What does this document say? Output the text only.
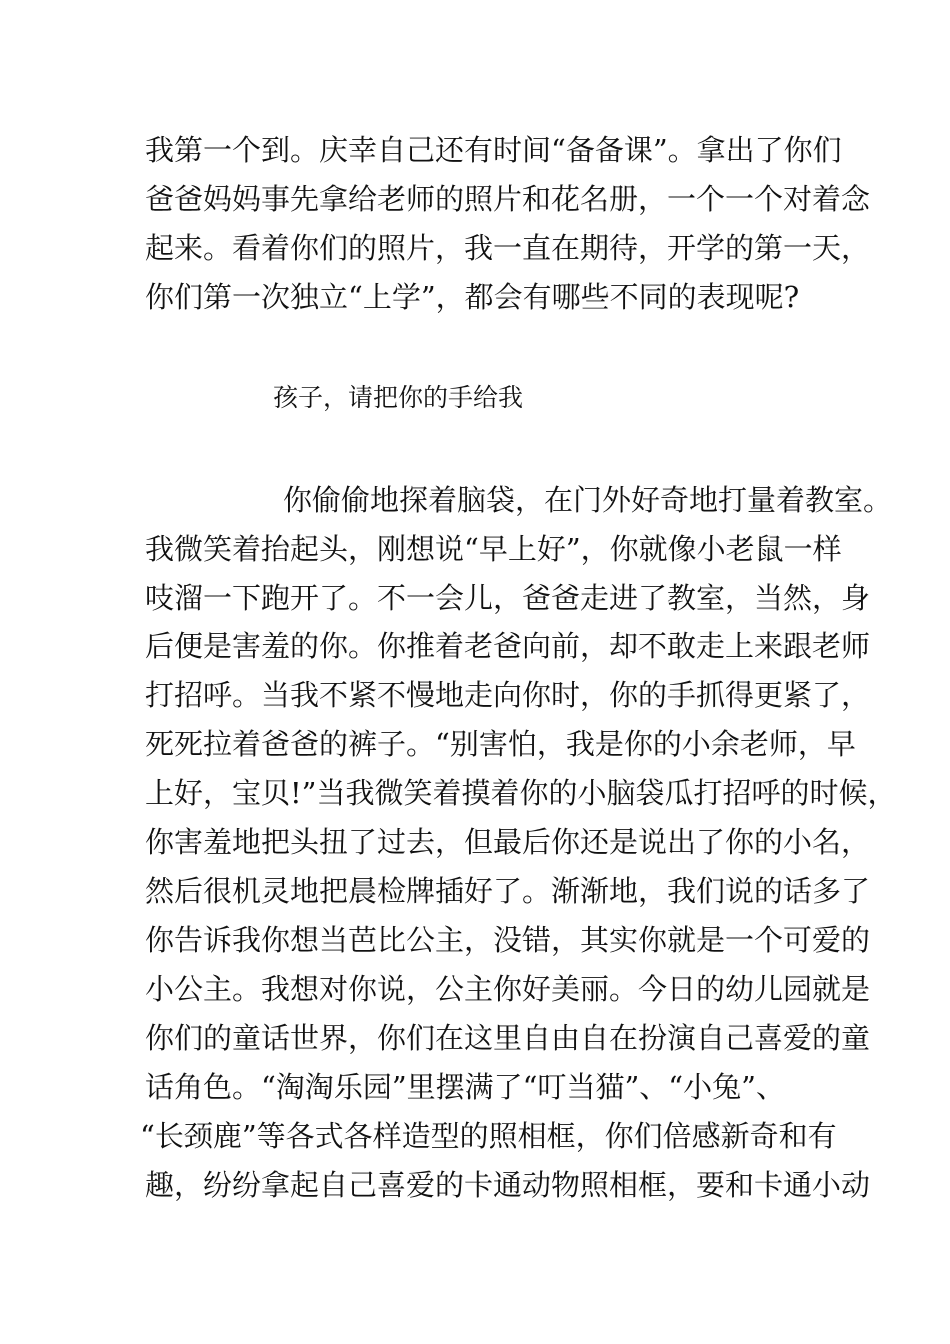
我第一个到。庆幸自己还有时间“备备课”。拿出了你们
爸爸妈妈事先拿给老师的照片和花名册，一个一个对着念
起来。看着你们的照片，我一直在期待，开学的第一天，
你们第一次独立“上学”，都会有哪些不同的表现呢?
孩子，请把你的手给我
你偷偷地探着脑袋，在门外好奇地打量着教室。
我微笑着抬起头，刚想说“早上好”，你就像小老鼠一样
吱溜一下跑开了。不一会儿，爸爸走进了教室，当然，身
后便是害羞的你。你推着老爸向前，却不敢走上来跟老师
打招呼。当我不紧不慢地走向你时，你的手抓得更紧了，
死死拉着爸爸的裤子。“别害怕，我是你的小余老师，早
上好，宝贝!”当我微笑着摸着你的小脑袋瓜打招呼的时候，
你害羞地把头扭了过去，但最后你还是说出了你的小名，
然后很机灵地把晨检牌插好了。渐渐地，我们说的话多了
你告诉我你想当芭比公主，没错，其实你就是一个可爱的
小公主。我想对你说，公主你好美丽。今日的幼儿园就是
你们的童话世界，你们在这里自由自在扮演自己喜爱的童
话角色。“淘淘乐园”里摆满了“叮当猫”、“小兔”、
“长颈鹿”等各式各样造型的照相框，你们倍感新奇和有
趣，纷纷拿起自己喜爱的卡通动物照相框，要和卡通小动
